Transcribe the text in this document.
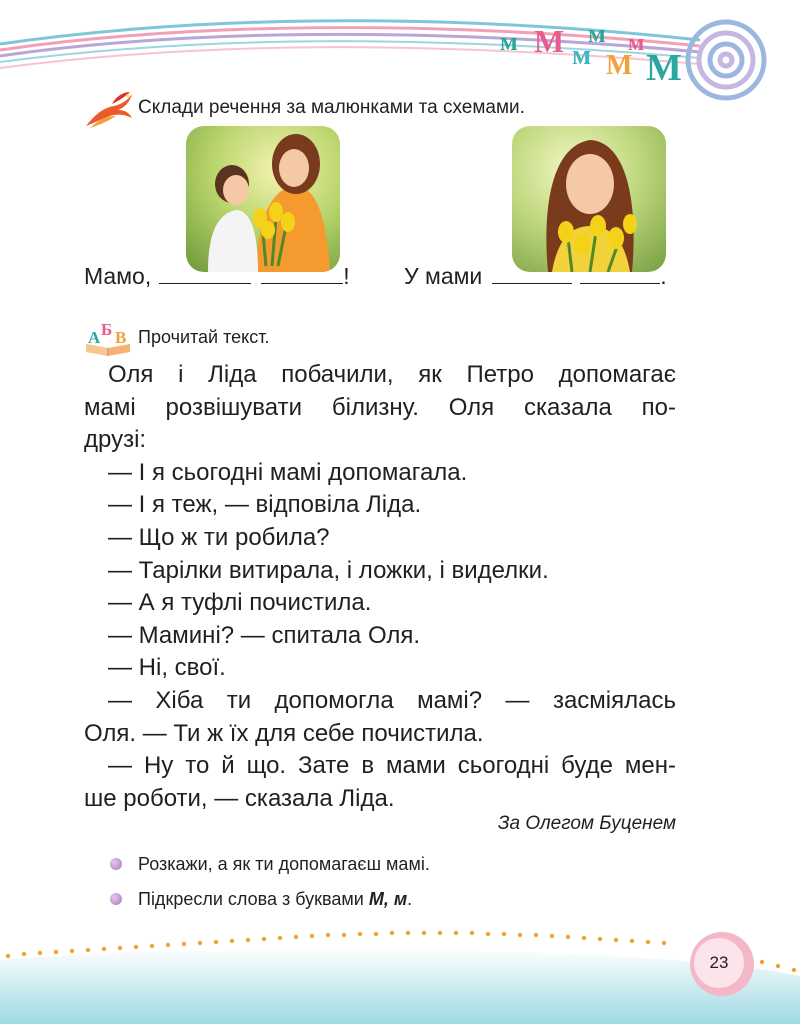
м М м
м
М
м
М
Склади речення за малюнками та схемами.
Мамо,	! У мами	.
А Б В Прочитай текст.
Оля і Ліда побачили, як Петро допомагає
мамі розвішувати білизну. Оля сказала по-
друзі:
— І я сьогодні мамі допомагала.
— І я теж, — відповіла Ліда.
— Що ж ти робила?
— Тарілки витирала, і ложки, і виделки.
— А я туфлі почистила.
— Мамині? — спитала Оля.
— Ні, свої.
— Хіба ти допомогла мамі? — засміялась
Оля. — Ти ж їх для себе почистила.
— Ну то й що. Зате в мами сьогодні буде мен-
ше роботи, — сказала Ліда.
За Олегом Буценем
Розкажи, а як ти допомагаєш мамі.
Підкресли слова з буквами М, м .
23
